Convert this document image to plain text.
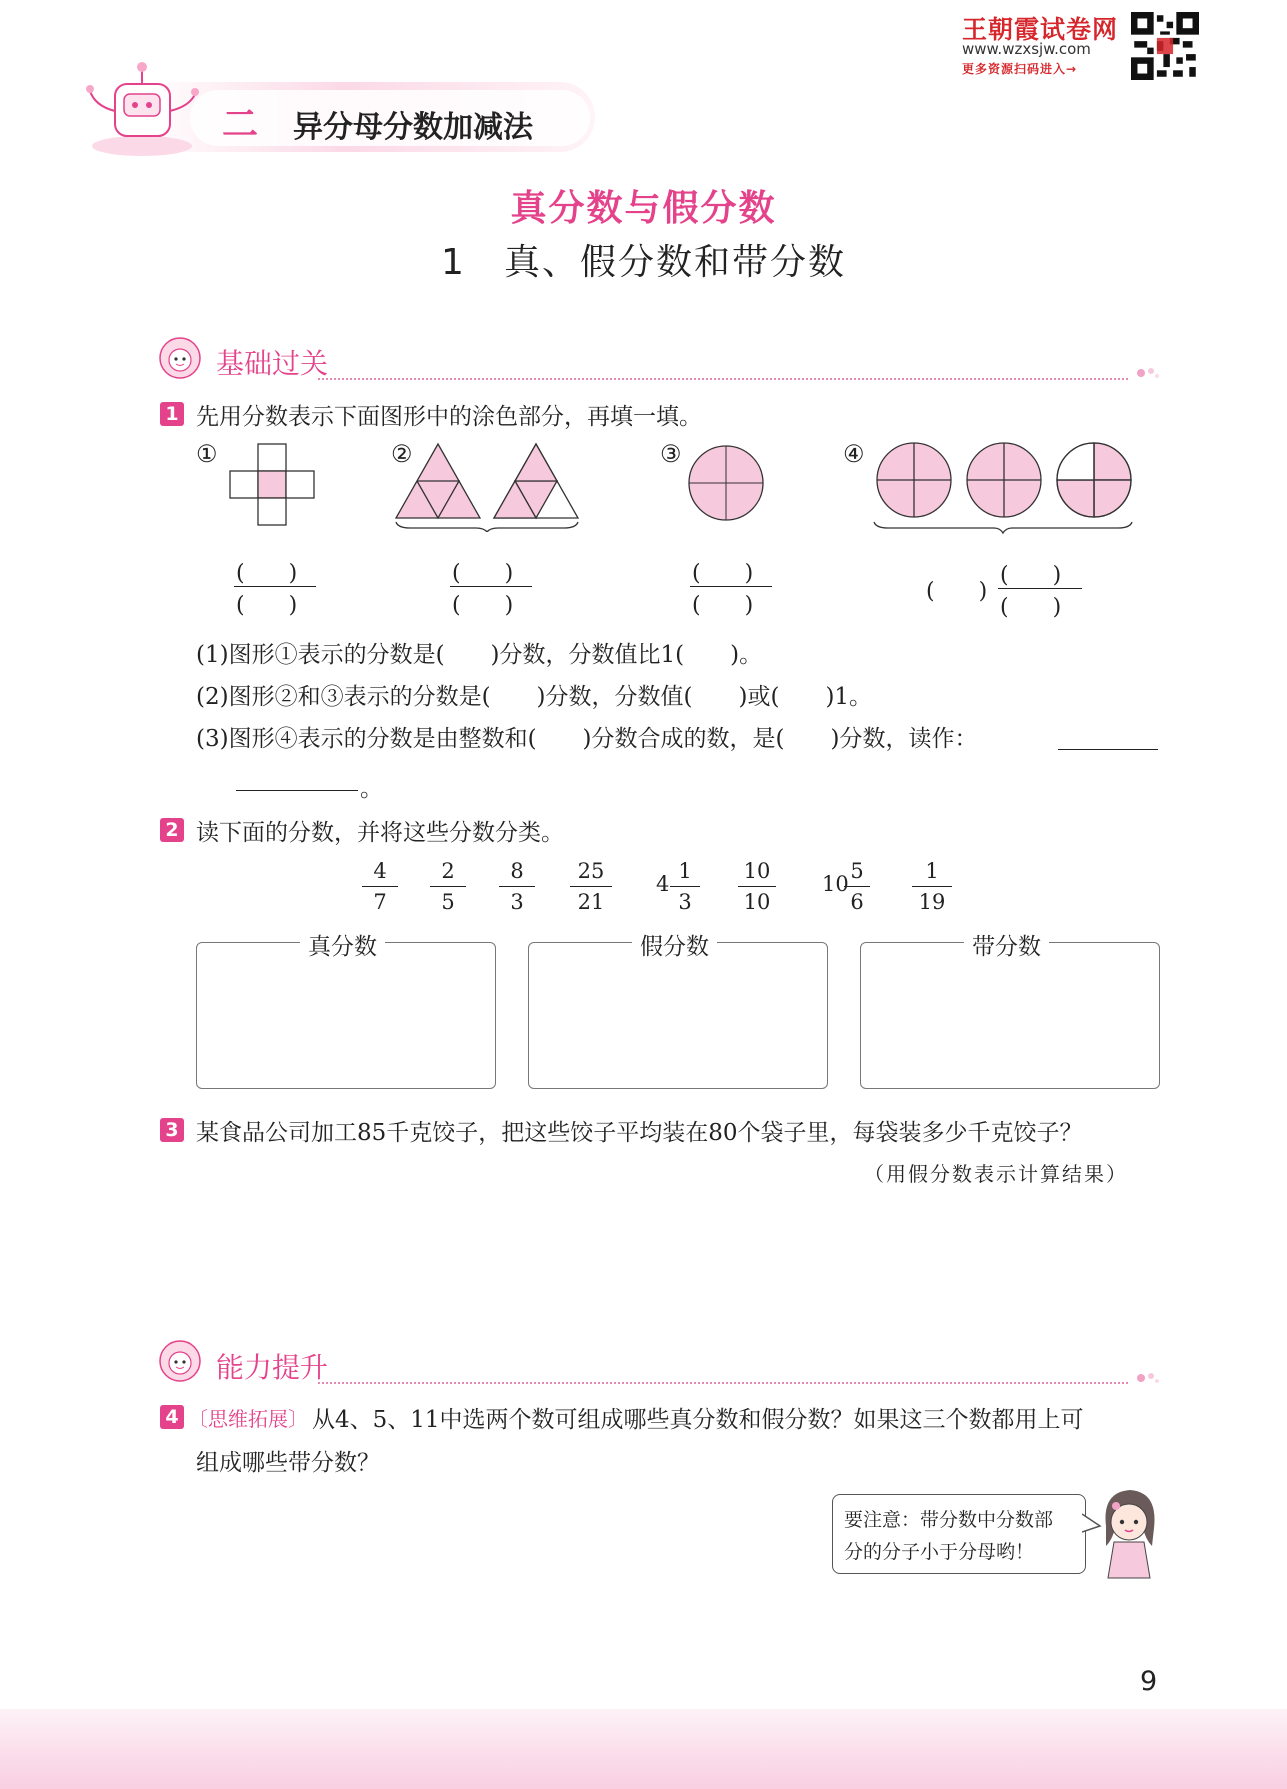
王朝霞试卷网
www.wzxsjw.com
更多资源扫码进入→
二 异分母分数加减法
真分数与假分数
1　真、假分数和带分数
基础过关
1 先用分数表示下面图形中的涂色部分，再填一填。
①	②	③	④
(　　)
(　　)
(　　)
(　　)
(　　)
(　　)
(　　)
(　　)
(　　)
(1)图形①表示的分数是(　　)分数，分数值比1(　　)。
(2)图形②和③表示的分数是(　　)分数，分数值(　　)或(　　)1。
(3)图形④表示的分数是由整数和(　　)分数合成的数，是(　　)分数，读作：
。
2 读下面的分数，并将这些分数分类。
$\frac{4}{7} \frac{2}{5} \frac{8}{3} \frac{25}{21} 4 \frac{1}{3} \frac{10}{10} 10$
$\frac{5}{6} \frac{1}{19}$
真分数	假分数	带分数
3 某食品公司加工85千克饺子，把这些饺子平均装在80个袋子里，每袋装多少千克饺子？
（用假分数表示计算结果）
能力提升
4 〔思维拓展〕 从4、5、11中选两个数可组成哪些真分数和假分数？如果这三个数都用上可
组成哪些带分数？
要注意：带分数中分数部
分的分子小于分母哟！
9
